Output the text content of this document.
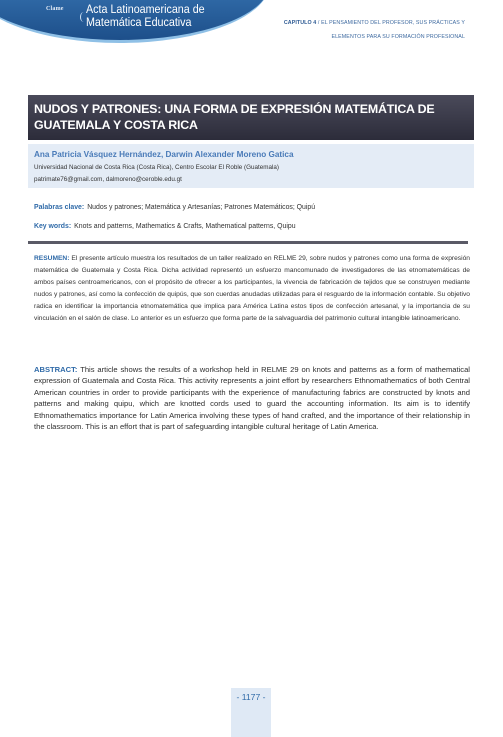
Clame Acta Latinoamericana de
Matemática Educativa	CAPITULO 4 / EL PENSAMIENTO DEL PROFESOR, SUS PRÁCTICAS Y
ELEMENTOS PARA SU FORMACIÓN PROFESIONAL
NUDOS Y PATRONES: UNA FORMA DE EXPRESIÓN MATEMÁTICA DE GUATEMALA Y COSTA RICA
Ana Patricia Vásquez Hernández, Darwin Alexander Moreno Gatica
Universidad Nacional de Costa Rica (Costa Rica), Centro Escolar El Roble (Guatemala)
patrimate76@gmail.com, dalmoreno@ceroble.edu.gt
Palabras clave: Nudos y patrones; Matemática y Artesanías; Patrones Matemáticos; Quipú
Key words: Knots and patterns, Mathematics & Crafts, Mathematical patterns, Quipu
RESUMEN: El presente artículo muestra los resultados de un taller realizado en RELME 29, sobre nudos y patrones como una forma de expresión matemática de Guatemala y Costa Rica. Dicha actividad representó un esfuerzo mancomunado de investigadores de las etnomatemáticas de ambos países centroamericanos, con el propósito de ofrecer a los participantes, la vivencia de fabricación de tejidos que se construyen mediante nudos y patrones, así como la confección de quipús, que son cuerdas anudadas utilizadas para el resguardo de la información contable. Su objetivo radica en identificar la importancia etnomatemática que implica para América Latina estos tipos de confección artesanal, y la importancia de su vinculación en el salón de clase. Lo anterior es un esfuerzo que forma parte de la salvaguardia del patrimonio cultural intangible latinoamericano.
ABSTRACT: This article shows the results of a workshop held in RELME 29 on knots and patterns as a form of mathematical expression of Guatemala and Costa Rica. This activity represents a joint effort by researchers Ethnomathematics of both Central American countries in order to provide participants with the experience of manufacturing fabrics are constructed by knots and patterns and making quipu, which are knotted cords used to guard the accounting information. Its aim is to identify Ethnomathematics importance for Latin America involving these types of hand crafted, and the importance of their relationship in the classroom. This is an effort that is part of safeguarding intangible cultural heritage of Latin America.
- 1177 -
